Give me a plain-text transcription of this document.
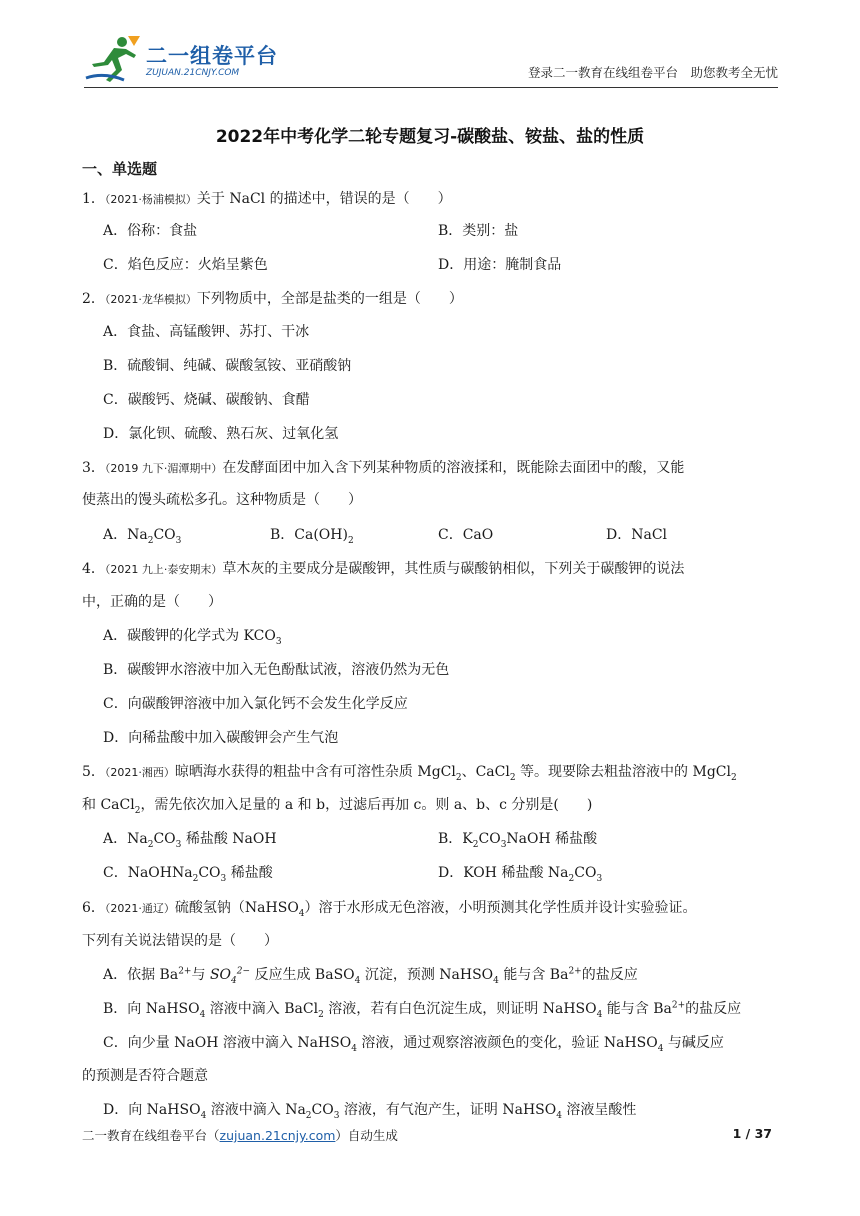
二一组卷平台
ZUJUAN.21CNJY.COM	登录二一教育在线组卷平台　助您教考全无忧
2022年中考化学二轮专题复习-碳酸盐、铵盐、盐的性质
一、单选题
1．（2021·杨浦模拟）关于 NaCl 的描述中，错误的是（　　）
A．俗称：食盐	B．类别：盐
C．焰色反应：火焰呈紫色	D．用途：腌制食品
2．（2021·龙华模拟）下列物质中，全部是盐类的一组是（　　）
A．食盐、高锰酸钾、苏打、干冰
B．硫酸铜、纯碱、碳酸氢铵、亚硝酸钠
C．碳酸钙、烧碱、碳酸钠、食醋
D．氯化钡、硫酸、熟石灰、过氧化氢
3．（2019 九下·湄潭期中）在发酵面团中加入含下列某种物质的溶液揉和，既能除去面团中的酸，又能
使蒸出的馒头疏松多孔。这种物质是（　　）
A．$Na_2CO_3$	B．$Ca(OH)_2$	C．CaO	D．NaCl
4．（2021 九上·泰安期末）草木灰的主要成分是碳酸钾，其性质与碳酸钠相似，下列关于碳酸钾的说法
中，正确的是（　　）
A．碳酸钾的化学式为 $KCO_3$
B．碳酸钾水溶液中加入无色酚酞试液，溶液仍然为无色
C．向碳酸钾溶液中加入氯化钙不会发生化学反应
D．向稀盐酸中加入碳酸钾会产生气泡
5．（2021·湘西）晾晒海水获得的粗盐中含有可溶性杂质 MgCl$_2$、CaCl$_2$ 等。现要除去粗盐溶液中的 MgCl$_2$
和 CaCl$_2$，需先依次加入足量的 a 和 b，过滤后再加 c。则 a、b、c 分别是(　　)
A．$Na_2CO_3$ 稀盐酸 NaOH	B．$K_2CO_3NaOH$ 稀盐酸
C．$NaOHNa_2CO_3$ 稀盐酸	D．KOH 稀盐酸 $Na_2CO_3$
6．（2021·通辽）硫酸氢钠（NaHSO$_4$）溶于水形成无色溶液，小明预测其化学性质并设计实验验证。
下列有关说法错误的是（　　）
A．依据 $Ba^{2+}$与 $SO_4^{2-}$ 反应生成 BaSO$_4$ 沉淀，预测 NaHSO$_4$ 能与含 $Ba^{2+}$的盐反应
B．向 NaHSO$_4$ 溶液中滴入 BaCl$_2$ 溶液，若有白色沉淀生成，则证明 NaHSO$_4$ 能与含 $Ba^{2+}$的盐反应
C．向少量 NaOH 溶液中滴入 NaHSO$_4$ 溶液，通过观察溶液颜色的变化，验证 NaHSO$_4$ 与碱反应
的预测是否符合题意
D．向 NaHSO$_4$ 溶液中滴入 $Na_2CO_3$ 溶液，有气泡产生，证明 NaHSO$_4$ 溶液呈酸性
二一教育在线组卷平台（zujuan.21cnjy.com）自动生成	1 / 37
